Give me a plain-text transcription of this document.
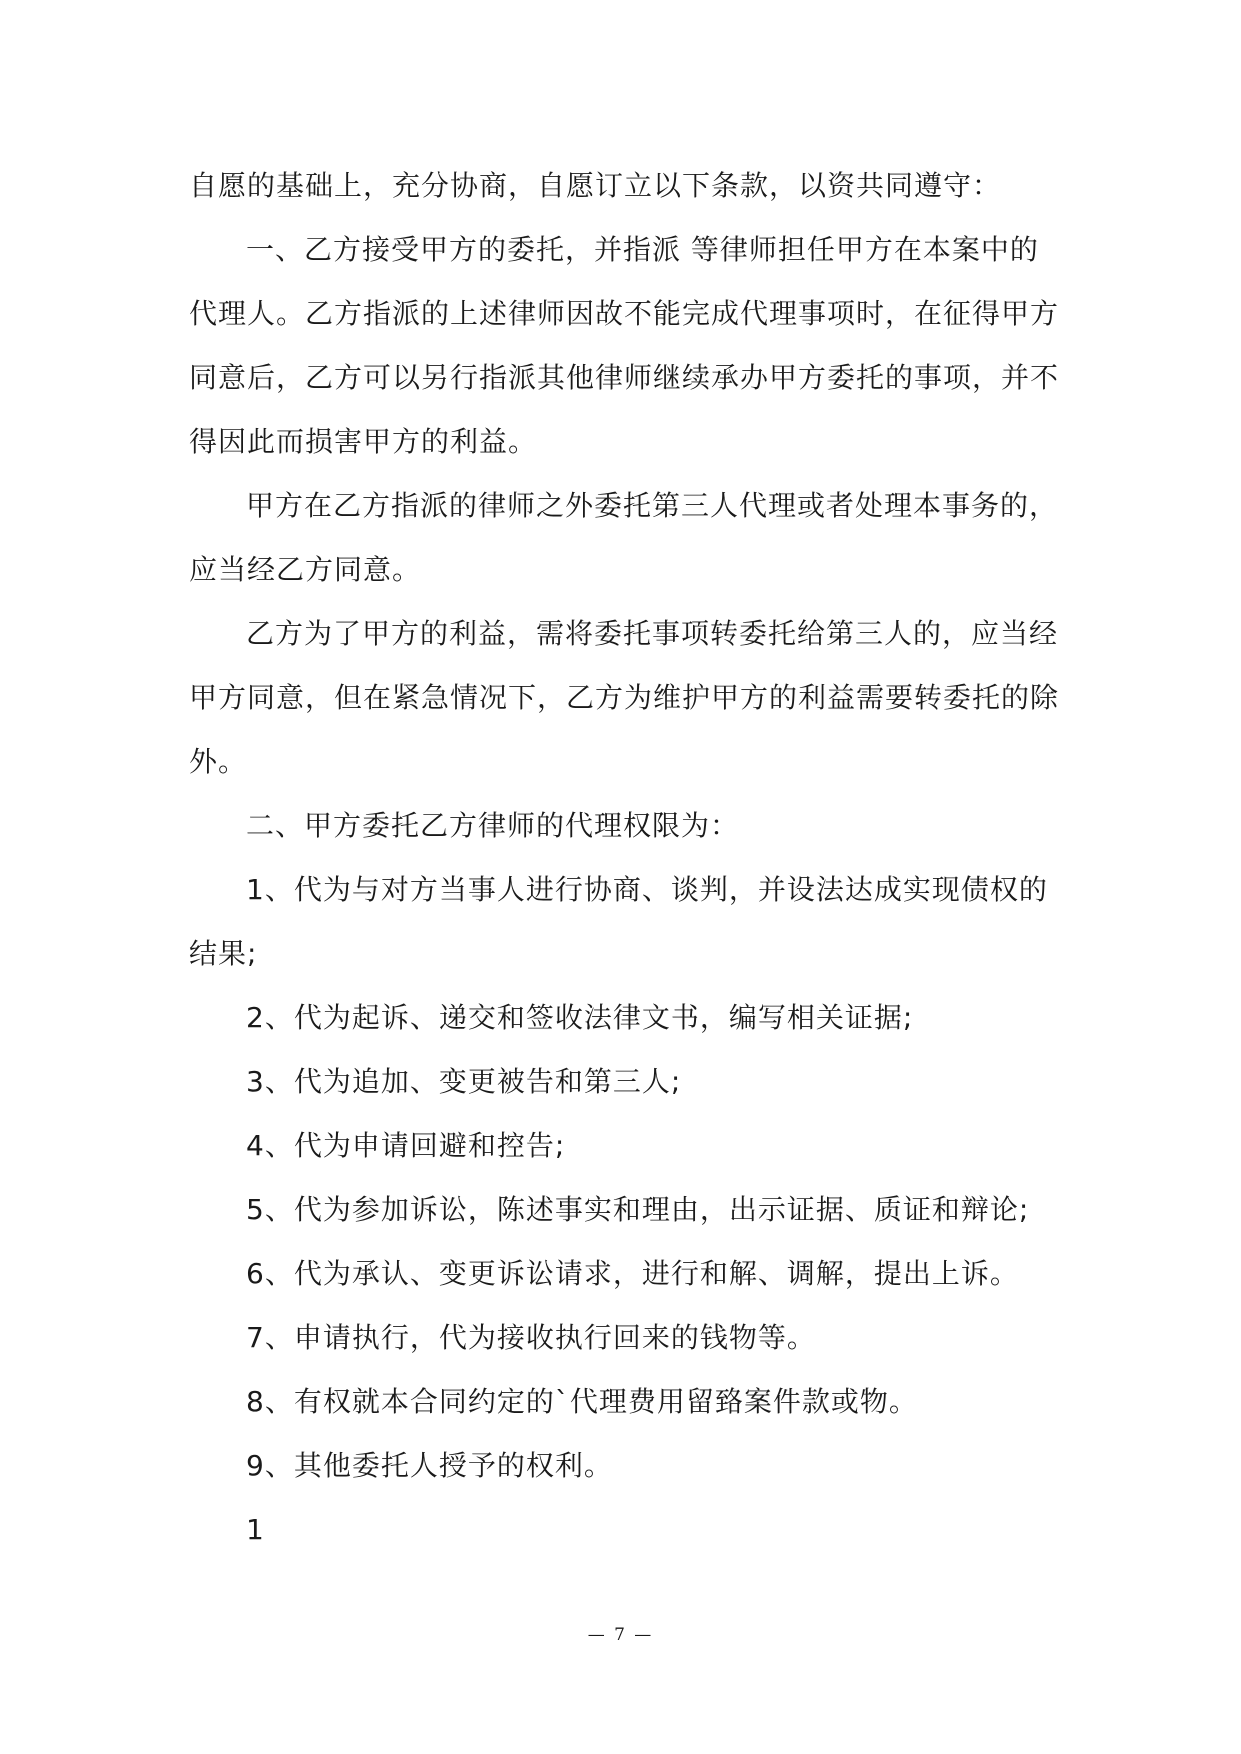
自愿的基础上，充分协商，自愿订立以下条款，以资共同遵守：
一、乙方接受甲方的委托，并指派 等律师担任甲方在本案中的
代理人。乙方指派的上述律师因故不能完成代理事项时，在征得甲方
同意后，乙方可以另行指派其他律师继续承办甲方委托的事项，并不
得因此而损害甲方的利益。
甲方在乙方指派的律师之外委托第三人代理或者处理本事务的，
应当经乙方同意。
乙方为了甲方的利益，需将委托事项转委托给第三人的，应当经
甲方同意，但在紧急情况下，乙方为维护甲方的利益需要转委托的除
外。
二、甲方委托乙方律师的代理权限为：
1、代为与对方当事人进行协商、谈判，并设法达成实现债权的
结果;
2、代为起诉、递交和签收法律文书，编写相关证据;
3、代为追加、变更被告和第三人;
4、代为申请回避和控告;
5、代为参加诉讼，陈述事实和理由，出示证据、质证和辩论;
6、代为承认、变更诉讼请求，进行和解、调解，提出上诉。
7、申请执行，代为接收执行回来的钱物等。
8、有权就本合同约定的`代理费用留臵案件款或物。
9、其他委托人授予的权利。
1
— 7 —
